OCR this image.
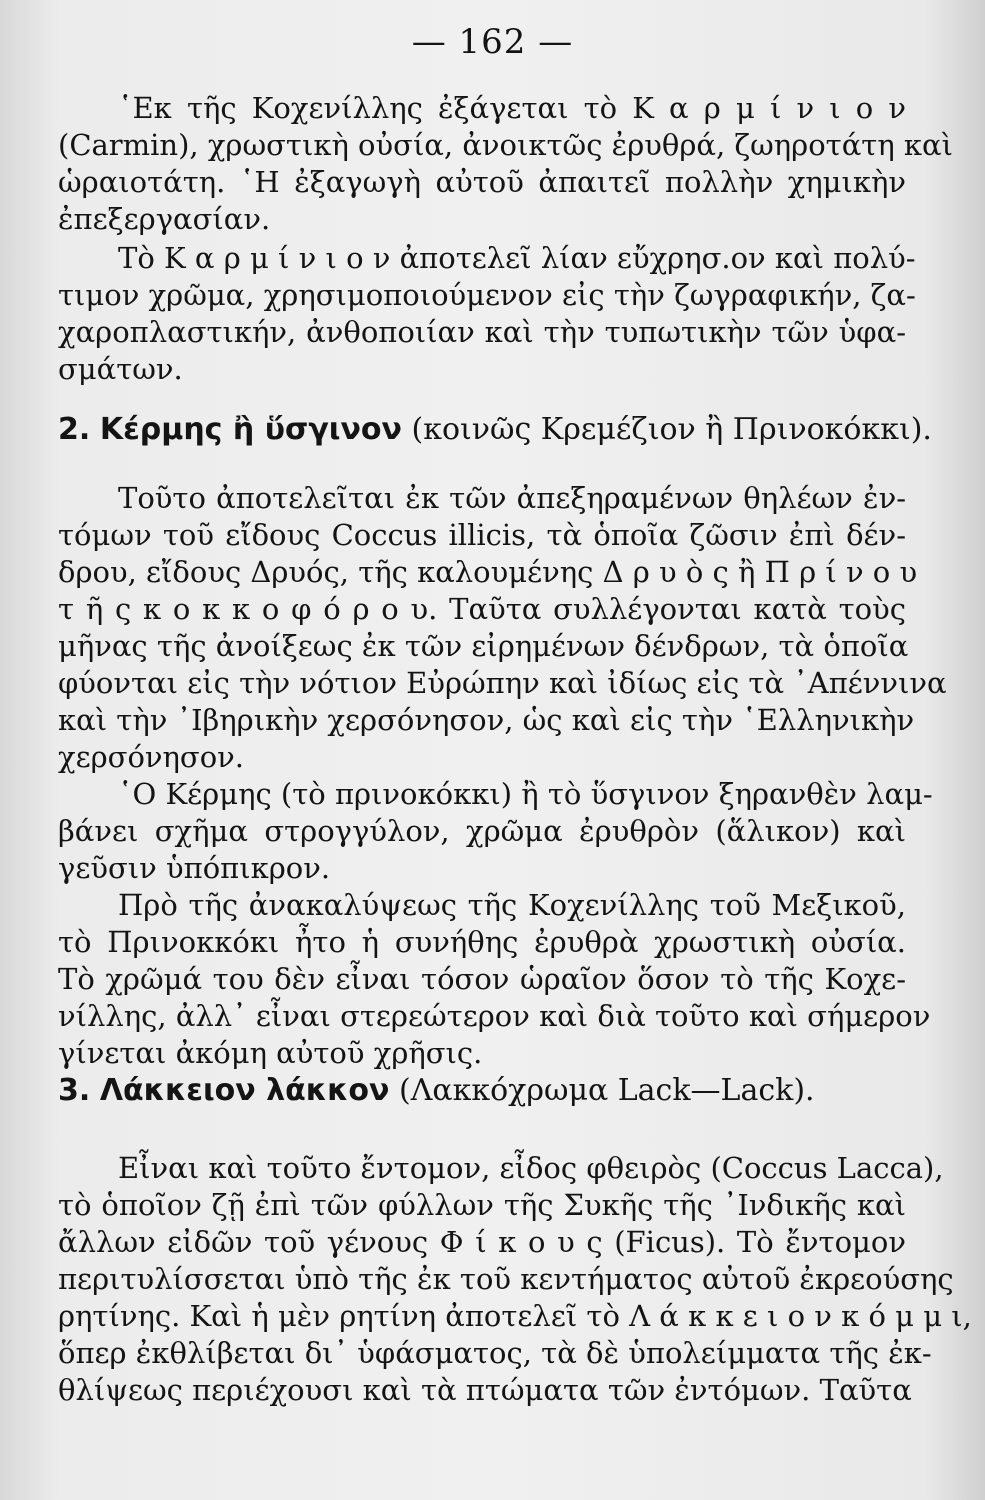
— 162 —
῾Εκ τῆς Κοχενίλλης ἐξάγεται τὸ Κ α ρ μ ί ν ι ο ν
(Carmin), χρωστικὴ οὐσία, ἀνοικτῶς ἐρυθρά, ζωηροτάτη καὶ
ὡραιοτάτη. ῾Η ἐξαγωγὴ αὐτοῦ ἀπαιτεῖ πολλὴν χημικὴν
ἐπεξεργασίαν.
Τὸ Κ α ρ μ ί ν ι ο ν ἀποτελεῖ λίαν εὔχρησ.ον καὶ πολύ-
τιμον χρῶμα, χρησιμοποιούμενον εἰς τὴν ζωγραφικήν, ζα-
χαροπλαστικήν, ἀνθοποιίαν καὶ τὴν τυπωτικὴν τῶν ὑφα-
σμάτων.
2. Κέρμης ἢ ὕσγινον (κοινῶς Κρεμέζιον ἢ Πρινοκόκκι).
Τοῦτο ἀποτελεῖται ἐκ τῶν ἀπεξηραμένων θηλέων ἐν-
τόμων τοῦ εἴδους Coccus illicis, τὰ ὁποῖα ζῶσιν ἐπὶ δέν-
δρου, εἴδους Δρυός, τῆς καλουμένης Δ ρ υ ὸ ς ἢ Π ρ ί ν ο υ
τ ῆ ς κ ο κ κ ο φ ό ρ ο υ. Ταῦτα συλλέγονται κατὰ τοὺς
μῆνας τῆς ἀνοίξεως ἐκ τῶν εἰρημένων δένδρων, τὰ ὁποῖα
φύονται εἰς τὴν νότιον Εὐρώπην καὶ ἰδίως εἰς τὰ ᾿Απέννινα
καὶ τὴν ᾿Ιβηρικὴν χερσόνησον, ὡς καὶ εἰς τὴν ῾Ελληνικὴν
χερσόνησον.
῾Ο Κέρμης (τὸ πρινοκόκκι) ἢ τὸ ὕσγινον ξηρανθὲν λαμ-
βάνει σχῆμα στρογγύλον, χρῶμα ἐρυθρὸν (ἅλικον) καὶ
γεῦσιν ὑπόπικρον.
Πρὸ τῆς ἀνακαλύψεως τῆς Κοχενίλλης τοῦ Μεξικοῦ,
τὸ Πρινοκκόκι ἦτο ἡ συνήθης ἐρυθρὰ χρωστικὴ οὐσία.
Τὸ χρῶμά του δὲν εἶναι τόσον ὡραῖον ὅσον τὸ τῆς Κοχε-
νίλλης, ἀλλ᾿ εἶναι στερεώτερον καὶ διὰ τοῦτο καὶ σήμερον
γίνεται ἀκόμη αὐτοῦ χρῆσις.
3. Λάκκειον λάκκον (Λακκόχρωμα Lack—Lack).
Εἶναι καὶ τοῦτο ἔντομον, εἶδος φθειρὸς (Coccus Lacca),
τὸ ὁποῖον ζῇ ἐπὶ τῶν φύλλων τῆς Συκῆς τῆς ᾿Ινδικῆς καὶ
ἄλλων εἰδῶν τοῦ γένους Φ ί κ ο υ ς (Ficus). Τὸ ἔντομον
περιτυλίσσεται ὑπὸ τῆς ἐκ τοῦ κεντήματος αὐτοῦ ἐκρεούσης
ρητίνης. Καὶ ἡ μὲν ρητίνη ἀποτελεῖ τὸ Λ ά κ κ ε ι ο ν κ ό μ μ ι,
ὅπερ ἐκθλίβεται δι᾿ ὑφάσματος, τὰ δὲ ὑπολείμματα τῆς ἐκ-
θλίψεως περιέχουσι καὶ τὰ πτώματα τῶν ἐντόμων. Ταῦτα
